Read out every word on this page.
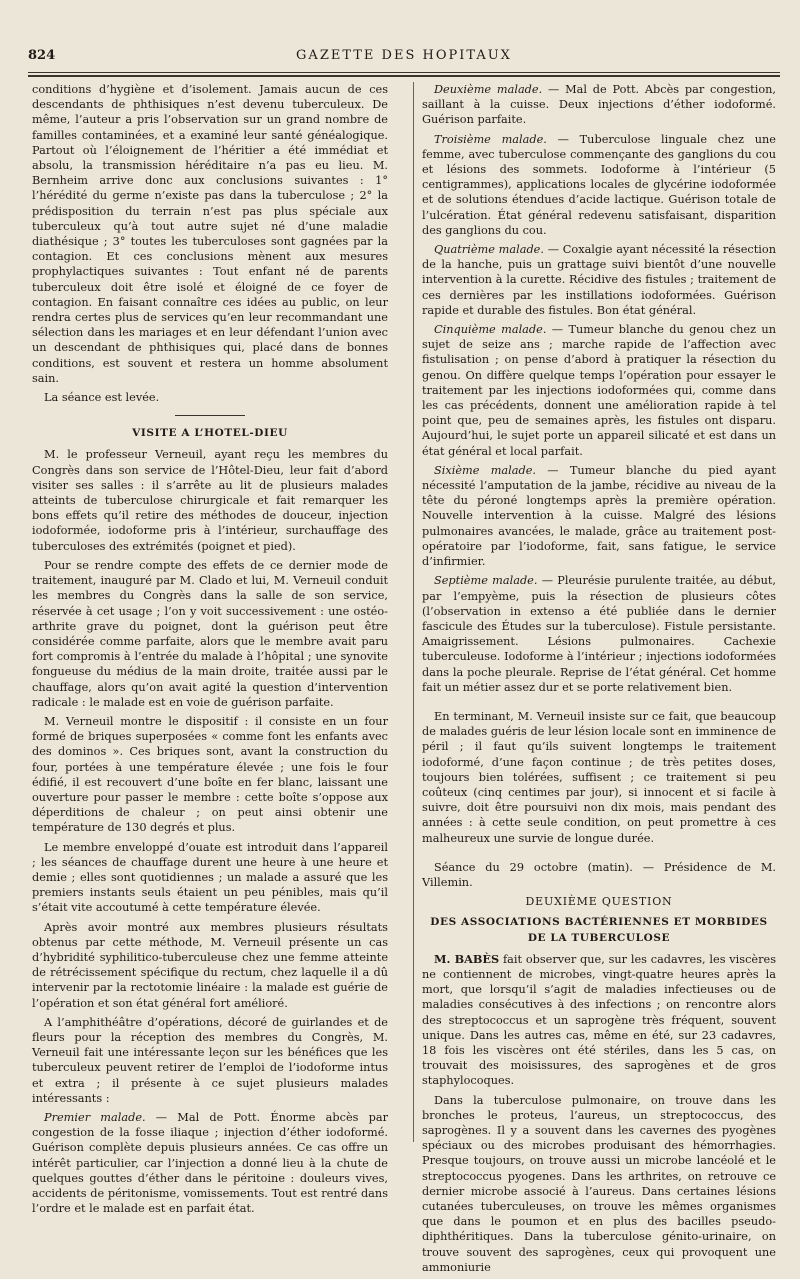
824	GAZETTE DES HOPITAUX

conditions d’hygiène et d’isolement. Jamais aucun de ces descendants de phthisiques n’est devenu tuberculeux. De même, l’auteur a pris l’observation sur un grand nombre de familles contaminées, et a examiné leur santé généalogique. Partout où l’éloignement de l’héritier a été immédiat et absolu, la transmission héréditaire n’a pas eu lieu. M. Bernheim arrive donc aux conclusions suivantes : 1° l’hérédité du germe n’existe pas dans la tuberculose ; 2° la prédisposition du terrain n’est pas plus spéciale aux tuberculeux qu’à tout autre sujet né d’une maladie diathésique ; 3° toutes les tuberculoses sont gagnées par la contagion. Et ces conclusions mènent aux mesures prophylactiques suivantes : Tout enfant né de parents tuberculeux doit être isolé et éloigné de ce foyer de contagion. En faisant connaître ces idées au public, on leur rendra certes plus de services qu’en leur recommandant une sélection dans les mariages et en leur défendant l’union avec un descendant de phthisiques qui, placé dans de bonnes conditions, est souvent et restera un homme absolument sain.

La séance est levée.

VISITE A L’HOTEL-DIEU

M. le professeur Verneuil, ayant reçu les membres du Congrès dans son service de l’Hôtel-Dieu, leur fait d’abord visiter ses salles : il s’arrête au lit de plusieurs malades atteints de tuberculose chirurgicale et fait remarquer les bons effets qu’il retire des méthodes de douceur, injection iodoformée, iodoforme pris à l’intérieur, surchauffage des tuberculoses des extrémités (poignet et pied).

Pour se rendre compte des effets de ce dernier mode de traitement, inauguré par M. Clado et lui, M. Verneuil conduit les membres du Congrès dans la salle de son service, réservée à cet usage ; l’on y voit successivement : une ostéo-arthrite grave du poignet, dont la guérison peut être considérée comme parfaite, alors que le membre avait paru fort compromis à l’entrée du malade à l’hôpital ; une synovite fongueuse du médius de la main droite, traitée aussi par le chauffage, alors qu’on avait agité la question d’intervention radicale : le malade est en voie de guérison parfaite.

M. Verneuil montre le dispositif : il consiste en un four formé de briques superposées « comme font les enfants avec des dominos ». Ces briques sont, avant la construction du four, portées à une température élevée ; une fois le four édifié, il est recouvert d’une boîte en fer blanc, laissant une ouverture pour passer le membre : cette boîte s’oppose aux déperditions de chaleur ; on peut ainsi obtenir une température de 130 degrés et plus.

Le membre enveloppé d’ouate est introduit dans l’appareil ; les séances de chauffage durent une heure à une heure et demie ; elles sont quotidiennes ; un malade a assuré que les premiers instants seuls étaient un peu pénibles, mais qu’il s’était vite accoutumé à cette température élevée.

Après avoir montré aux membres plusieurs résultats obtenus par cette méthode, M. Verneuil présente un cas d’hybridité syphilitico-tuberculeuse chez une femme atteinte de rétrécissement spécifique du rectum, chez laquelle il a dû intervenir par la rectotomie linéaire : la malade est guérie de l’opération et son état général fort amélioré.

A l’amphithéâtre d’opérations, décoré de guirlandes et de fleurs pour la réception des membres du Congrès, M. Verneuil fait une intéressante leçon sur les bénéfices que les tuberculeux peuvent retirer de l’emploi de l’iodoforme intus et extra ; il présente à ce sujet plusieurs malades intéressants :

Premier malade. — Mal de Pott. Énorme abcès par congestion de la fosse iliaque ; injection d’éther iodoformé. Guérison complète depuis plusieurs années. Ce cas offre un intérêt particulier, car l’injection a donné lieu à la chute de quelques gouttes d’éther dans le péritoine : douleurs vives, accidents de péritonisme, vomissements. Tout est rentré dans l’ordre et le malade est en parfait état.

Deuxième malade. — Mal de Pott. Abcès par congestion, saillant à la cuisse. Deux injections d’éther iodoformé. Guérison parfaite.

Troisième malade. — Tuberculose linguale chez une femme, avec tuberculose commençante des ganglions du cou et lésions des sommets. Iodoforme à l’intérieur (5 centigrammes), applications locales de glycérine iodoformée et de solutions étendues d’acide lactique. Guérison totale de l’ulcération. État général redevenu satisfaisant, disparition des ganglions du cou.

Quatrième malade. — Coxalgie ayant nécessité la résection de la hanche, puis un grattage suivi bientôt d’une nouvelle intervention à la curette. Récidive des fistules ; traitement de ces dernières par les instillations iodoformées. Guérison rapide et durable des fistules. Bon état général.

Cinquième malade. — Tumeur blanche du genou chez un sujet de seize ans ; marche rapide de l’affection avec fistulisation ; on pense d’abord à pratiquer la résection du genou. On diffère quelque temps l’opération pour essayer le traitement par les injections iodoformées qui, comme dans les cas précédents, donnent une amélioration rapide à tel point que, peu de semaines après, les fistules ont disparu. Aujourd’hui, le sujet porte un appareil silicaté et est dans un état général et local parfait.

Sixième malade. — Tumeur blanche du pied ayant nécessité l’amputation de la jambe, récidive au niveau de la tête du péroné longtemps après la première opération. Nouvelle intervention à la cuisse. Malgré des lésions pulmonaires avancées, le malade, grâce au traitement post-opératoire par l’iodoforme, fait, sans fatigue, le service d’infirmier.

Septième malade. — Pleurésie purulente traitée, au début, par l’empyème, puis la résection de plusieurs côtes (l’observation in extenso a été publiée dans le dernier fascicule des Études sur la tuberculose). Fistule persistante. Amaigrissement. Lésions pulmonaires. Cachexie tuberculeuse. Iodoforme à l’intérieur ; injections iodoformées dans la poche pleurale. Reprise de l’état général. Cet homme fait un métier assez dur et se porte relativement bien.

En terminant, M. Verneuil insiste sur ce fait, que beaucoup de malades guéris de leur lésion locale sont en imminence de péril ; il faut qu’ils suivent longtemps le traitement iodoformé, d’une façon continue ; de très petites doses, toujours bien tolérées, suffisent ; ce traitement si peu coûteux (cinq centimes par jour), si innocent et si facile à suivre, doit être poursuivi non dix mois, mais pendant des années : à cette seule condition, on peut promettre à ces malheureux une survie de longue durée.

Séance du 29 octobre (matin). — Présidence de M. Villemin.

DEUXIÈME QUESTION
DES ASSOCIATIONS BACTÉRIENNES ET MORBIDES DE LA TUBERCULOSE

M. BABÈS fait observer que, sur les cadavres, les viscères ne contiennent de microbes, vingt-quatre heures après la mort, que lorsqu’il s’agit de maladies infectieuses ou de maladies consécutives à des infections ; on rencontre alors des streptococcus et un saprogène très fréquent, souvent unique. Dans les autres cas, même en été, sur 23 cadavres, 18 fois les viscères ont été stériles, dans les 5 cas, on trouvait des moisissures, des saprogènes et de gros staphylocoques.

Dans la tuberculose pulmonaire, on trouve dans les bronches le proteus, l’aureus, un streptococcus, des saprogènes. Il y a souvent dans les cavernes des pyogènes spéciaux ou des microbes produisant des hémorrhagies. Presque toujours, on trouve aussi un microbe lancéolé et le streptococcus pyogenes. Dans les arthrites, on retrouve ce dernier microbe associé à l’aureus. Dans certaines lésions cutanées tuberculeuses, on trouve les mêmes organismes que dans le poumon et en plus des bacilles pseudo-diphthéritiques. Dans la tuberculose génito-urinaire, on trouve souvent des saprogènes, ceux qui provoquent une ammoniurie
